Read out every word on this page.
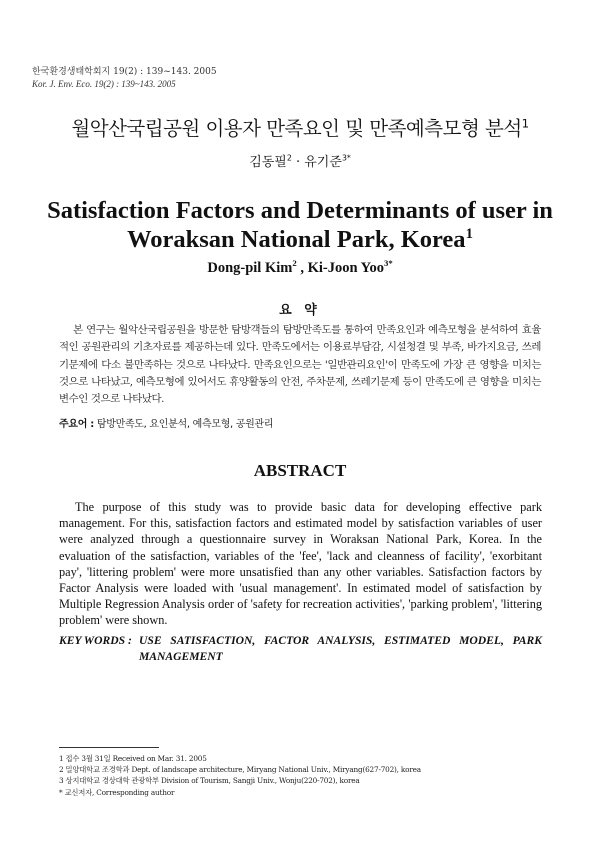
한국환경생태학회지 19(2) : 139~143. 2005
Kor. J. Env. Eco. 19(2) : 139~143. 2005
월악산국립공원 이용자 만족요인 및 만족예측모형 분석$^1$
김동필$^2$ · 유기준$^{3*}$
Satisfaction Factors and Determinants of user in
Woraksan National Park, Korea$^1$
Dong-pil Kim$^2$ , Ki-Joon Yoo$^{3*}$
요 약

본 연구는 월악산국립공원을 방문한 탐방객들의 탐방만족도를 통하여 만족요인과 예측모형을 분석하여 효율적인 공원관리의 기초자료를 제공하는데 있다. 만족도에서는 이용료부담감, 시설청결 및 부족, 바가지요금, 쓰레기문제에 다소 불만족하는 것으로 나타났다. 만족요인으로는 '일반관리요인'이 만족도에 가장 큰 영향을 미치는 것으로 나타났고, 예측모형에 있어서도 휴양활동의 안전, 주차문제, 쓰레기문제 등이 만족도에 큰 영향을 미치는 변수인 것으로 나타났다.

주요어 : 탐방만족도, 요인분석, 예측모형, 공원관리
ABSTRACT

The purpose of this study was to provide basic data for developing effective park management. For this, satisfaction factors and estimated model by satisfaction variables of user were analyzed through a questionnaire survey in Woraksan National Park, Korea. In the evaluation of the satisfaction, variables of the 'fee', 'lack and cleanness of facility', 'exorbitant pay', 'littering problem' were more unsatisfied than any other variables. Satisfaction factors by Factor Analysis were loaded with 'usual management'. In estimated model of satisfaction by Multiple Regression Analysis order of 'safety for recreation activities', 'parking problem', 'littering problem' were shown.

KEY WORDS : USE SATISFACTION, FACTOR ANALYSIS, ESTIMATED MODEL, PARK MANAGEMENT
1 접수 3월 31일 Received on Mar. 31. 2005
2 밀양대학교 조경학과 Dept. of landscape architecture, Miryang National Univ., Miryang(627-702), korea
3 상지대학교 경상대학 관광학부 Division of Tourism, Sangji Univ., Wonju(220-702), korea
* 교신저자, Corresponding author
